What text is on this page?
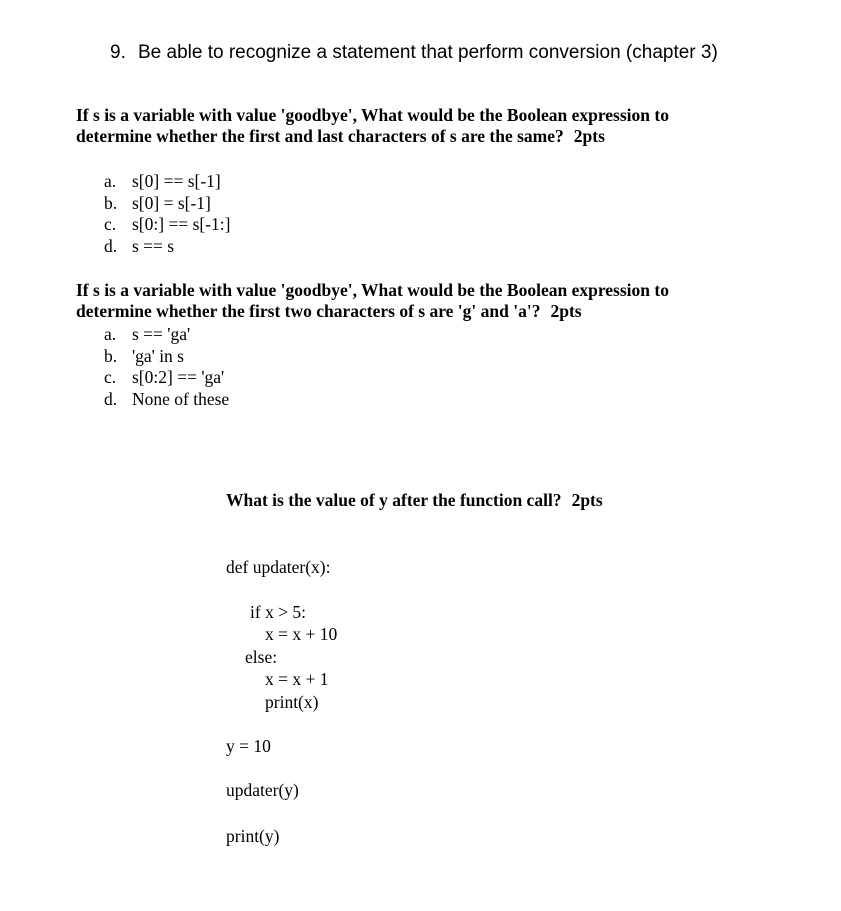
9. Be able to recognize a statement that perform conversion (chapter 3)
If s is a variable with value 'goodbye', What would be the Boolean expression to
determine whether the first and last characters of s are the same? 2pts
a. s[0] == s[-1]
b. s[0] = s[-1]
c. s[0:] == s[-1:]
d. s == s
If s is a variable with value 'goodbye', What would be the Boolean expression to
determine whether the first two characters of s are 'g' and 'a'? 2pts
a. s == 'ga'
b. 'ga' in s
c. s[0:2] == 'ga'
d. None of these
What is the value of y after the function call? 2pts
def updater(x):
if x > 5:
x = x + 10
else:
x = x + 1
print(x)
y = 10
updater(y)
print(y)
